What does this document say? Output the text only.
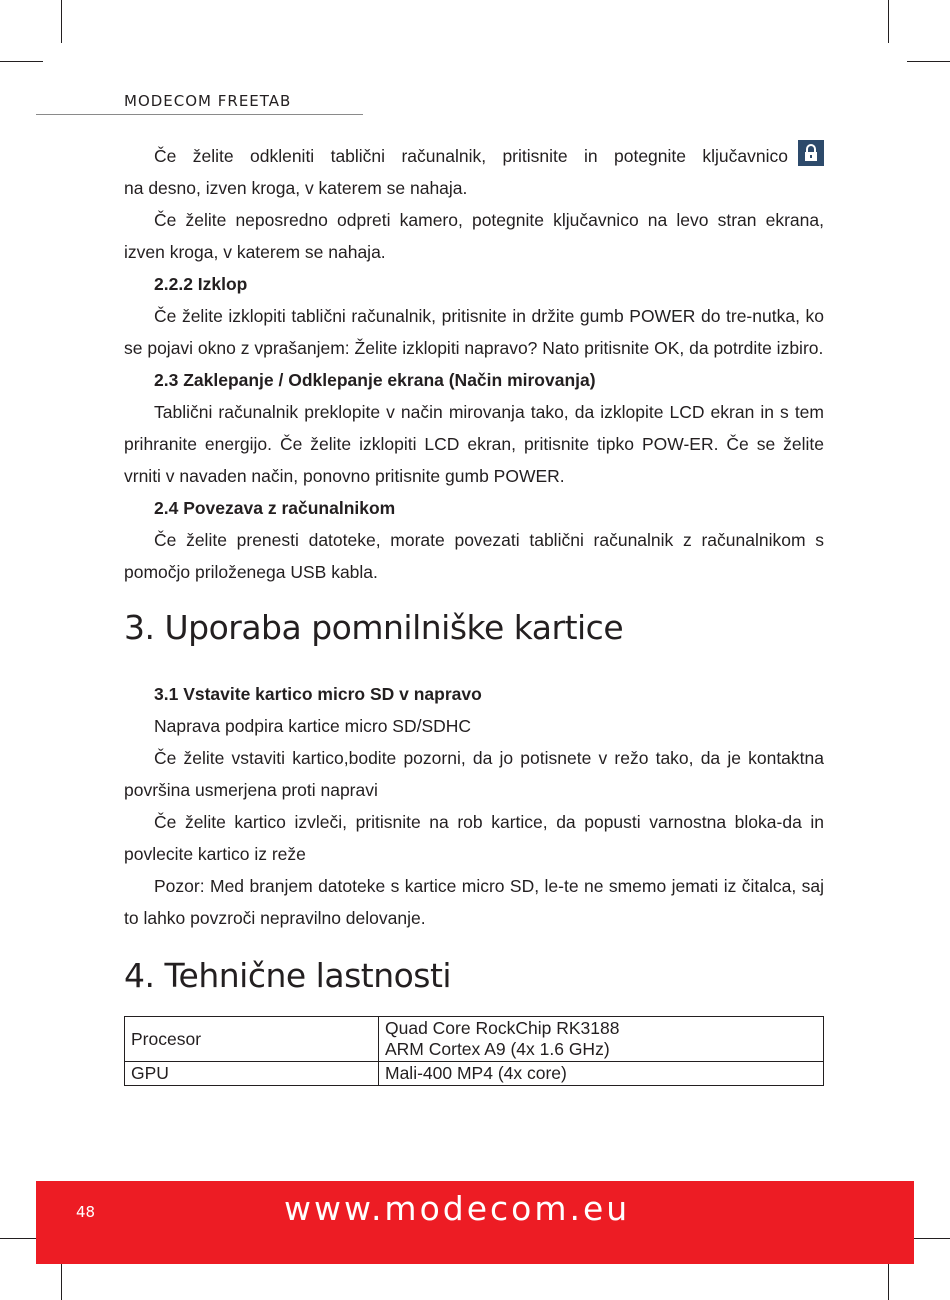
MODECOM FREETAB

Če želite odkleniti tablični računalnik, pritisnite in potegnite ključavnico

na desno, izven kroga, v katerem se nahaja.

Če želite neposredno odpreti kamero, potegnite ključavnico na levo stran ekrana, izven kroga, v katerem se nahaja.

2.2.2 Izklop

Če želite izklopiti tablični računalnik, pritisnite in držite gumb POWER do tre-nutka, ko se pojavi okno z vprašanjem: Želite izklopiti napravo? Nato pritisnite OK, da potrdite izbiro.

2.3 Zaklepanje / Odklepanje ekrana (Način mirovanja)

Tablični računalnik preklopite v način mirovanja tako, da izklopite LCD ekran in s tem prihranite energijo. Če želite izklopiti LCD ekran, pritisnite tipko POW-ER. Če se želite vrniti v navaden način, ponovno pritisnite gumb POWER.

2.4 Povezava z računalnikom

Če želite prenesti datoteke, morate povezati tablični računalnik z računalnikom s pomočjo priloženega USB kabla.

3. Uporaba pomnilniške kartice

3.1 Vstavite kartico micro SD v napravo

Naprava podpira kartice micro SD/SDHC

Če želite vstaviti kartico,bodite pozorni, da jo potisnete v režo tako, da je kontaktna površina usmerjena proti napravi

Če želite kartico izvleči, pritisnite na rob kartice, da popusti varnostna bloka-da in povlecite kartico iz reže

Pozor: Med branjem datoteke s kartice micro SD, le-te ne smemo jemati iz čitalca, saj to lahko povzroči nepravilno delovanje.

4. Tehnične lastnosti
Procesor	Quad Core RockChip RK3188
ARM Cortex A9 (4x 1.6 GHz)

GPU	Mali-400 MP4 (4x core)
48	www.modecom.eu
